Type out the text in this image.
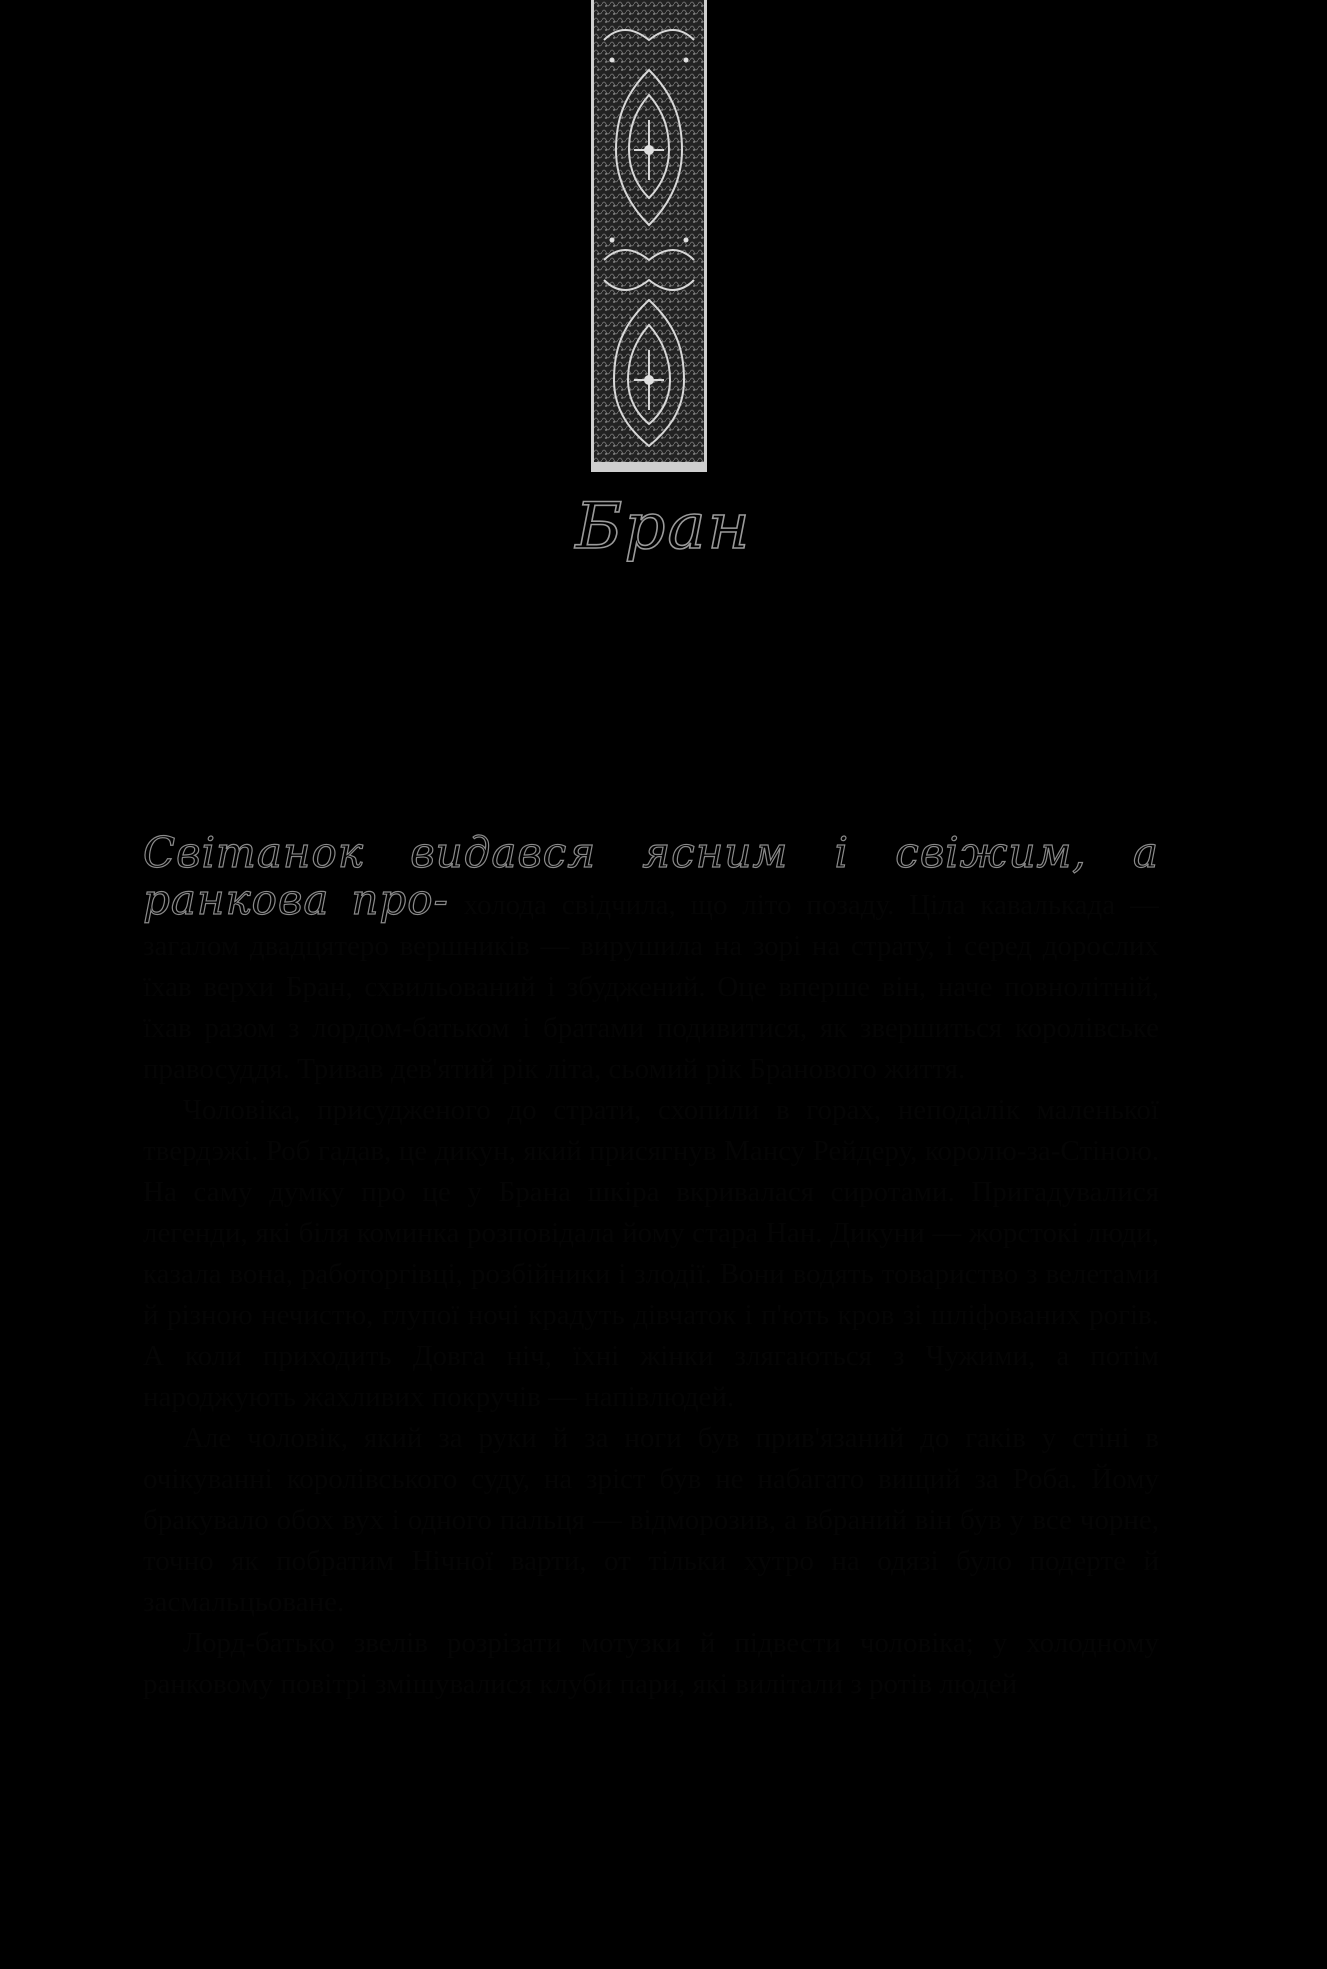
Бран

Світанок видався ясним і свіжим, а ранкова про- холода свідчила, що літо позаду. Ціла кавалькада — загалом двадцятеро вершників — вирушила на зорі на страту, і серед дорослих їхав верхи Бран, схвильований і збуджений. Оце вперше він, наче повнолітній, їхав разом з лордом-батьком і братами подивитися, як звершиться королівське правосуддя. Тривав дев'ятий рік літа, сьомий рік Бранового життя.

Чоловіка, присудженого до страти, схопили в горах, неподалік маленької твердэжі. Роб гадав, це дикун, який присягнув Мансу Рейдеру, королю-за-Стіною. На саму думку про це у Брана шкіра вкривалася сиротами. Пригадувалися легенди, які біля коминка розповідала йому стара Нан. Дикуни — жорстокі люди, казала вона, работоргівці, розбійники і злодії. Вони водять товариство з велетами й різною нечистю, глупої ночі крадуть дівчаток і п'ють кров зі шліфованих рогів. А коли приходить Довга ніч, їхні жінки злягаються з Чужими, а потім народжують жахливих покручів — напівлюдей.

Але чоловік, який за руки й за ноги був прив'язаний до гаків у стіні в очікуванні королівського суду, на зріст був не набагато вищий за Роба. Йому бракувало обох вух і одного пальця — відморозив, а вбраний він був у все чорне, точно як побратим Нічної варти, от тільки хутро на одязі було подерте й засмальцьоване.

Лорд-батько звелів розрізати мотузки й підвести чоловіка; у холодному ранковому повітрі змішувалися клуби пари, які вилітали з ротів людей
